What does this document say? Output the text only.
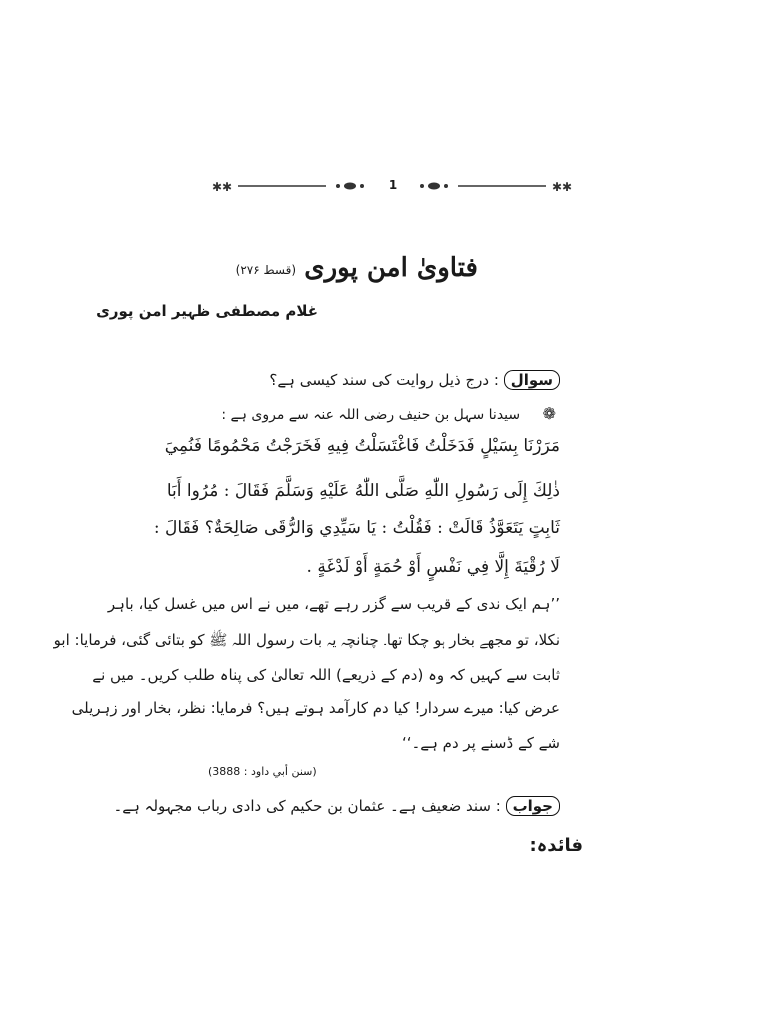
✱✱	✱✱
1
فتاویٰ امن پوری
(قسط ۲۷۶)
غلام مصطفی ظہیر امن پوری
سوال : درج ذیل روایت کی سند کیسی ہے؟
❁ سیدنا سہل بن حنیف رضی اللہ عنہ سے مروی ہے :
مَرَرْنَا بِسَيْلٍ فَدَخَلْتُ فَاغْتَسَلْتُ فِيهِ فَخَرَجْتُ مَحْمُومًا فَنُمِيَ
ذٰلِكَ إِلَى رَسُولِ اللّٰهِ صَلَّى اللّٰهُ عَلَيْهِ وَسَلَّمَ فَقَالَ : مُرُوا أَبَا
ثَابِتٍ يَتَعَوَّذُ قَالَتْ : فَقُلْتُ : يَا سَيِّدِي وَالرُّقَى صَالِحَةٌ؟ فَقَالَ :
لَا رُقْيَةَ إِلَّا فِي نَفْسٍ أَوْ حُمَةٍ أَوْ لَدْغَةٍ .
’’ہم ایک ندی کے قریب سے گزر رہے تھے، میں نے اس میں غسل کیا، باہر
نکلا، تو مجھے بخار ہو چکا تھا۔ چنانچہ یہ بات رسول اللہ ﷺ کو بتائی گئی، فرمایا: ابو
ثابت سے کہیں کہ وہ (دم کے ذریعے) اللہ تعالیٰ کی پناہ طلب کریں۔ میں نے
عرض کیا: میرے سردار! کیا دم کارآمد ہوتے ہیں؟ فرمایا: نظر، بخار اور زہریلی
شے کے ڈسنے پر دم ہے۔‘‘
(سنن أبي داود : 3888)
جواب : سند ضعیف ہے۔ عثمان بن حکیم کی دادی رباب مجہولہ ہے۔
فائدہ:
